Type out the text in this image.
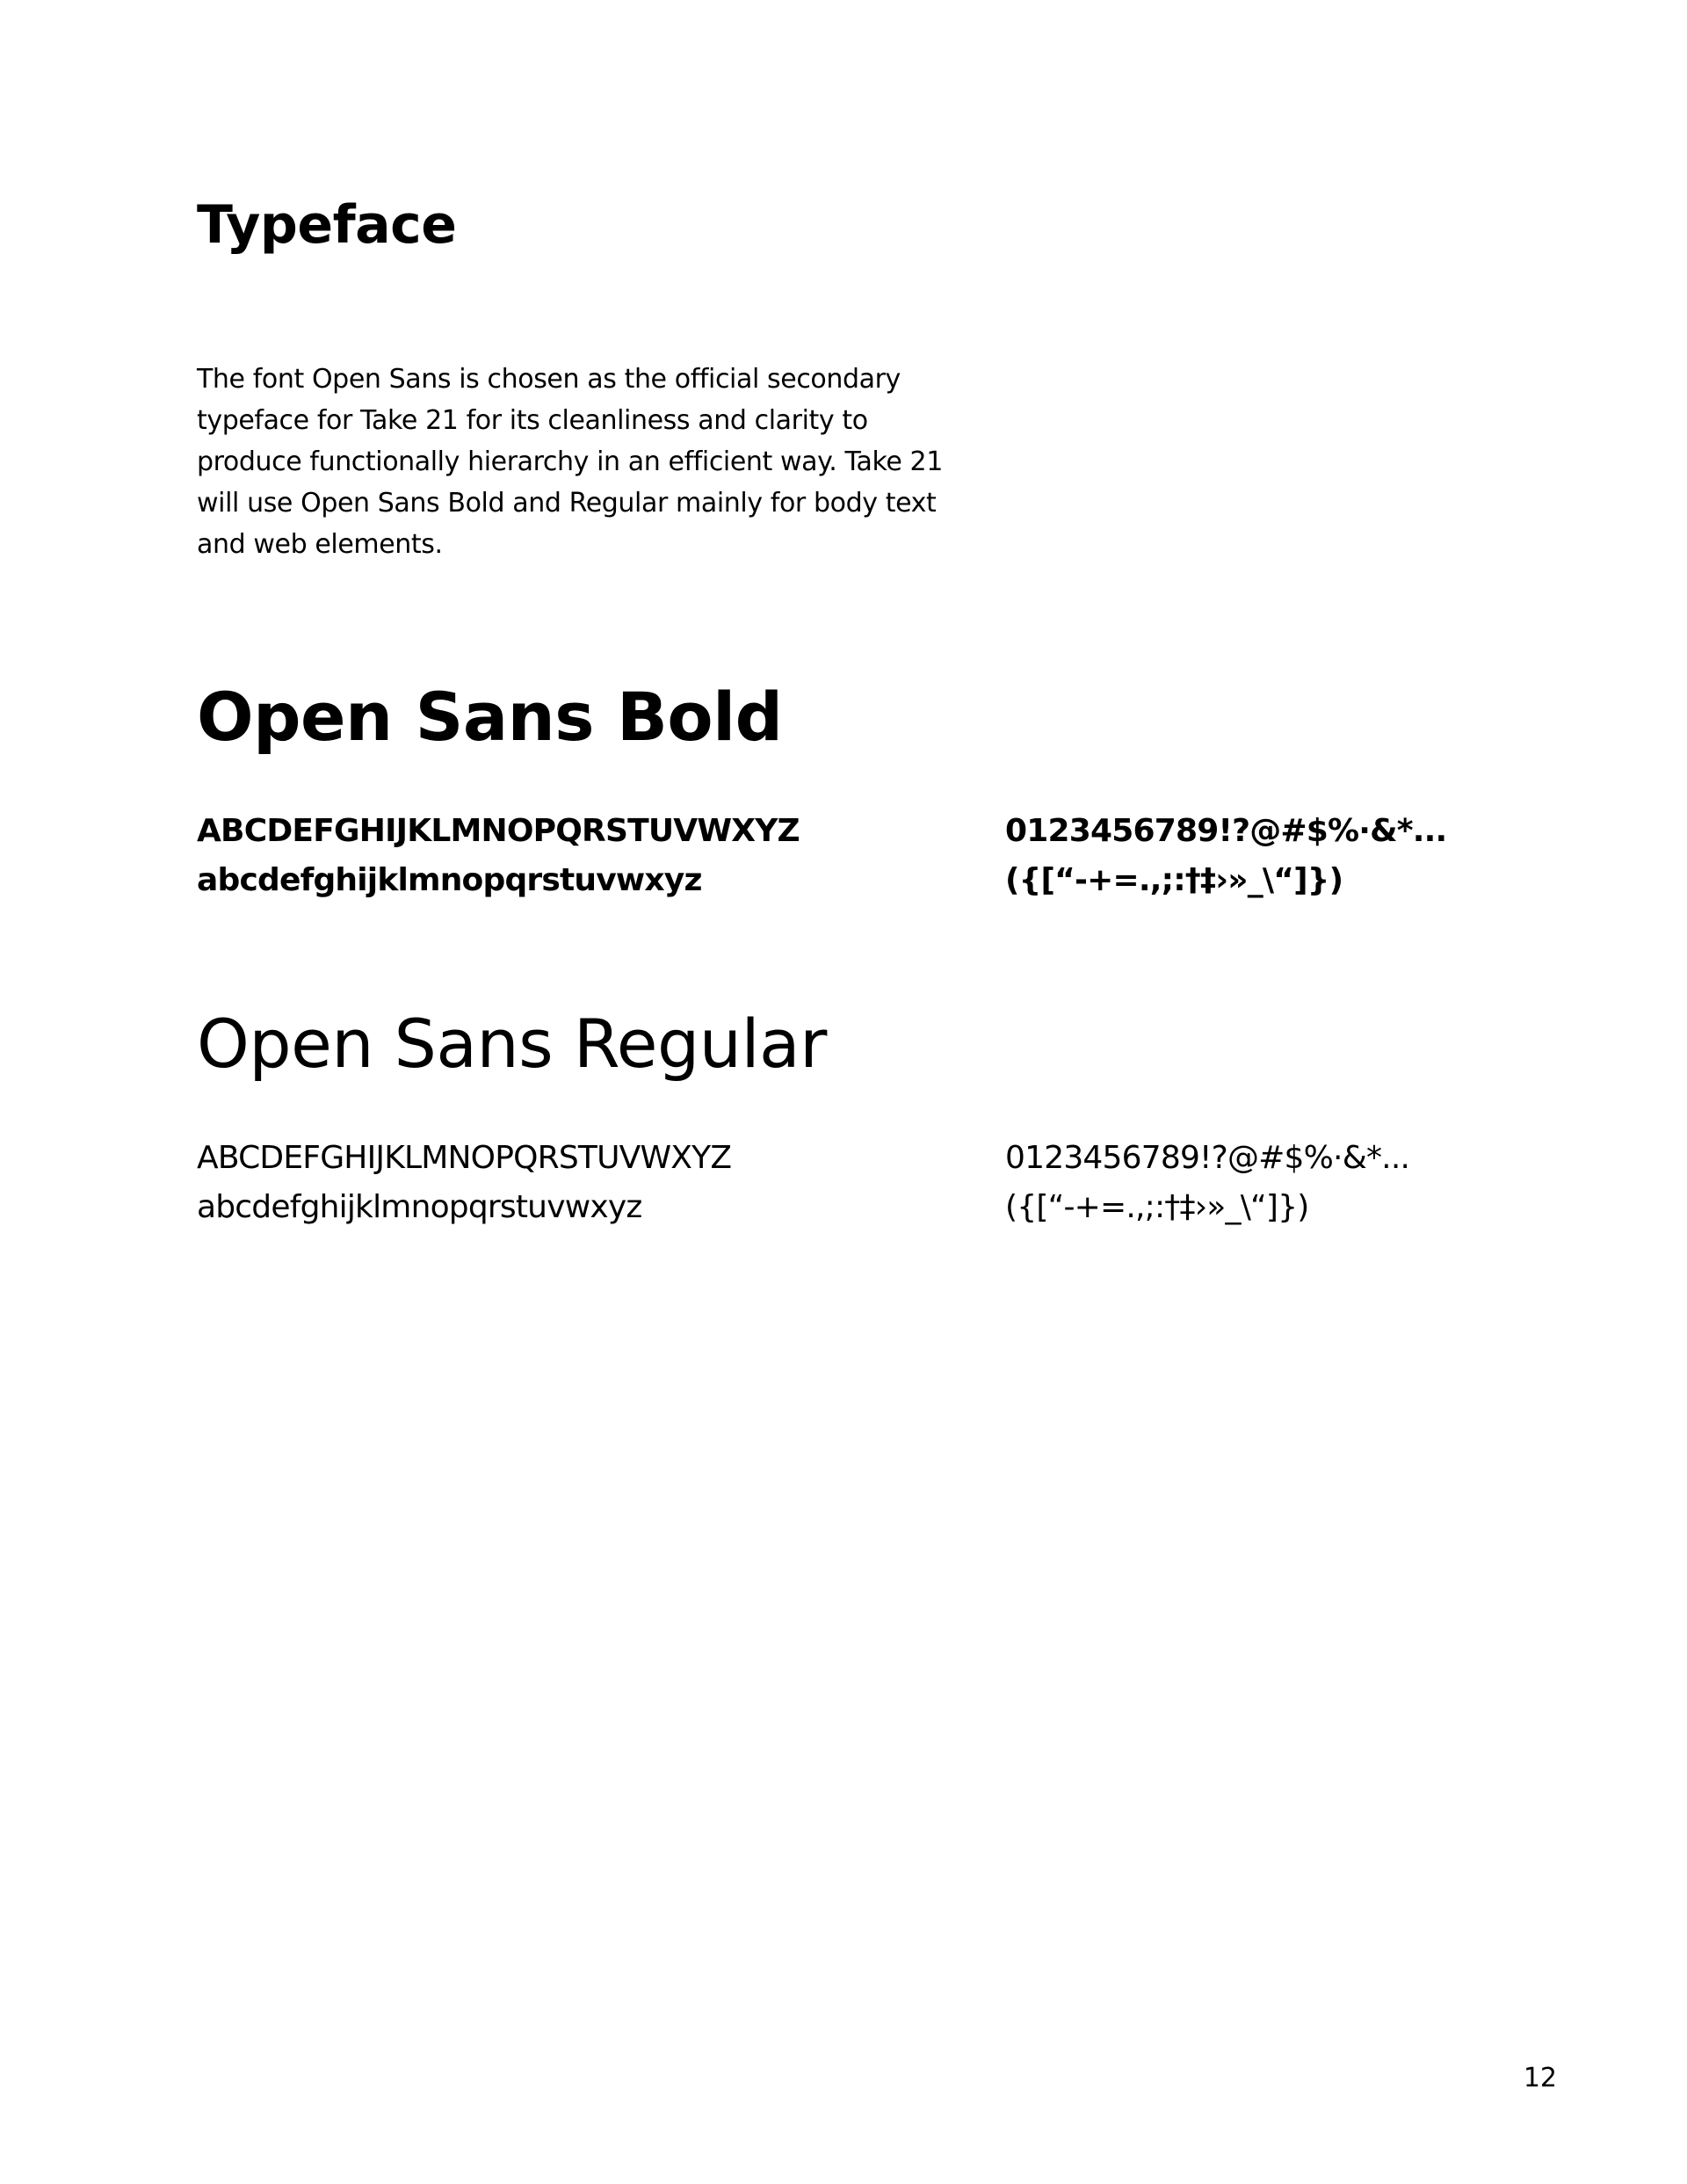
Typeface

The font Open Sans is chosen as the official secondary typeface for Take 21 for its cleanliness and clarity to produce functionally hierarchy in an efficient way. Take 21 will use Open Sans Bold and Regular mainly for body text and web elements.

Open Sans Bold
ABCDEFGHIJKLMNOPQRSTUVWXYZ
abcdefghijklmnopqrstuvwxyz
0123456789!?@#$%·&*...
({[“-+=.,;:†‡›»_\“]})
Open Sans Regular
ABCDEFGHIJKLMNOPQRSTUVWXYZ
abcdefghijklmnopqrstuvwxyz
0123456789!?@#$%·&*...
({[“-+=.,;:†‡›»_\“]})
12
